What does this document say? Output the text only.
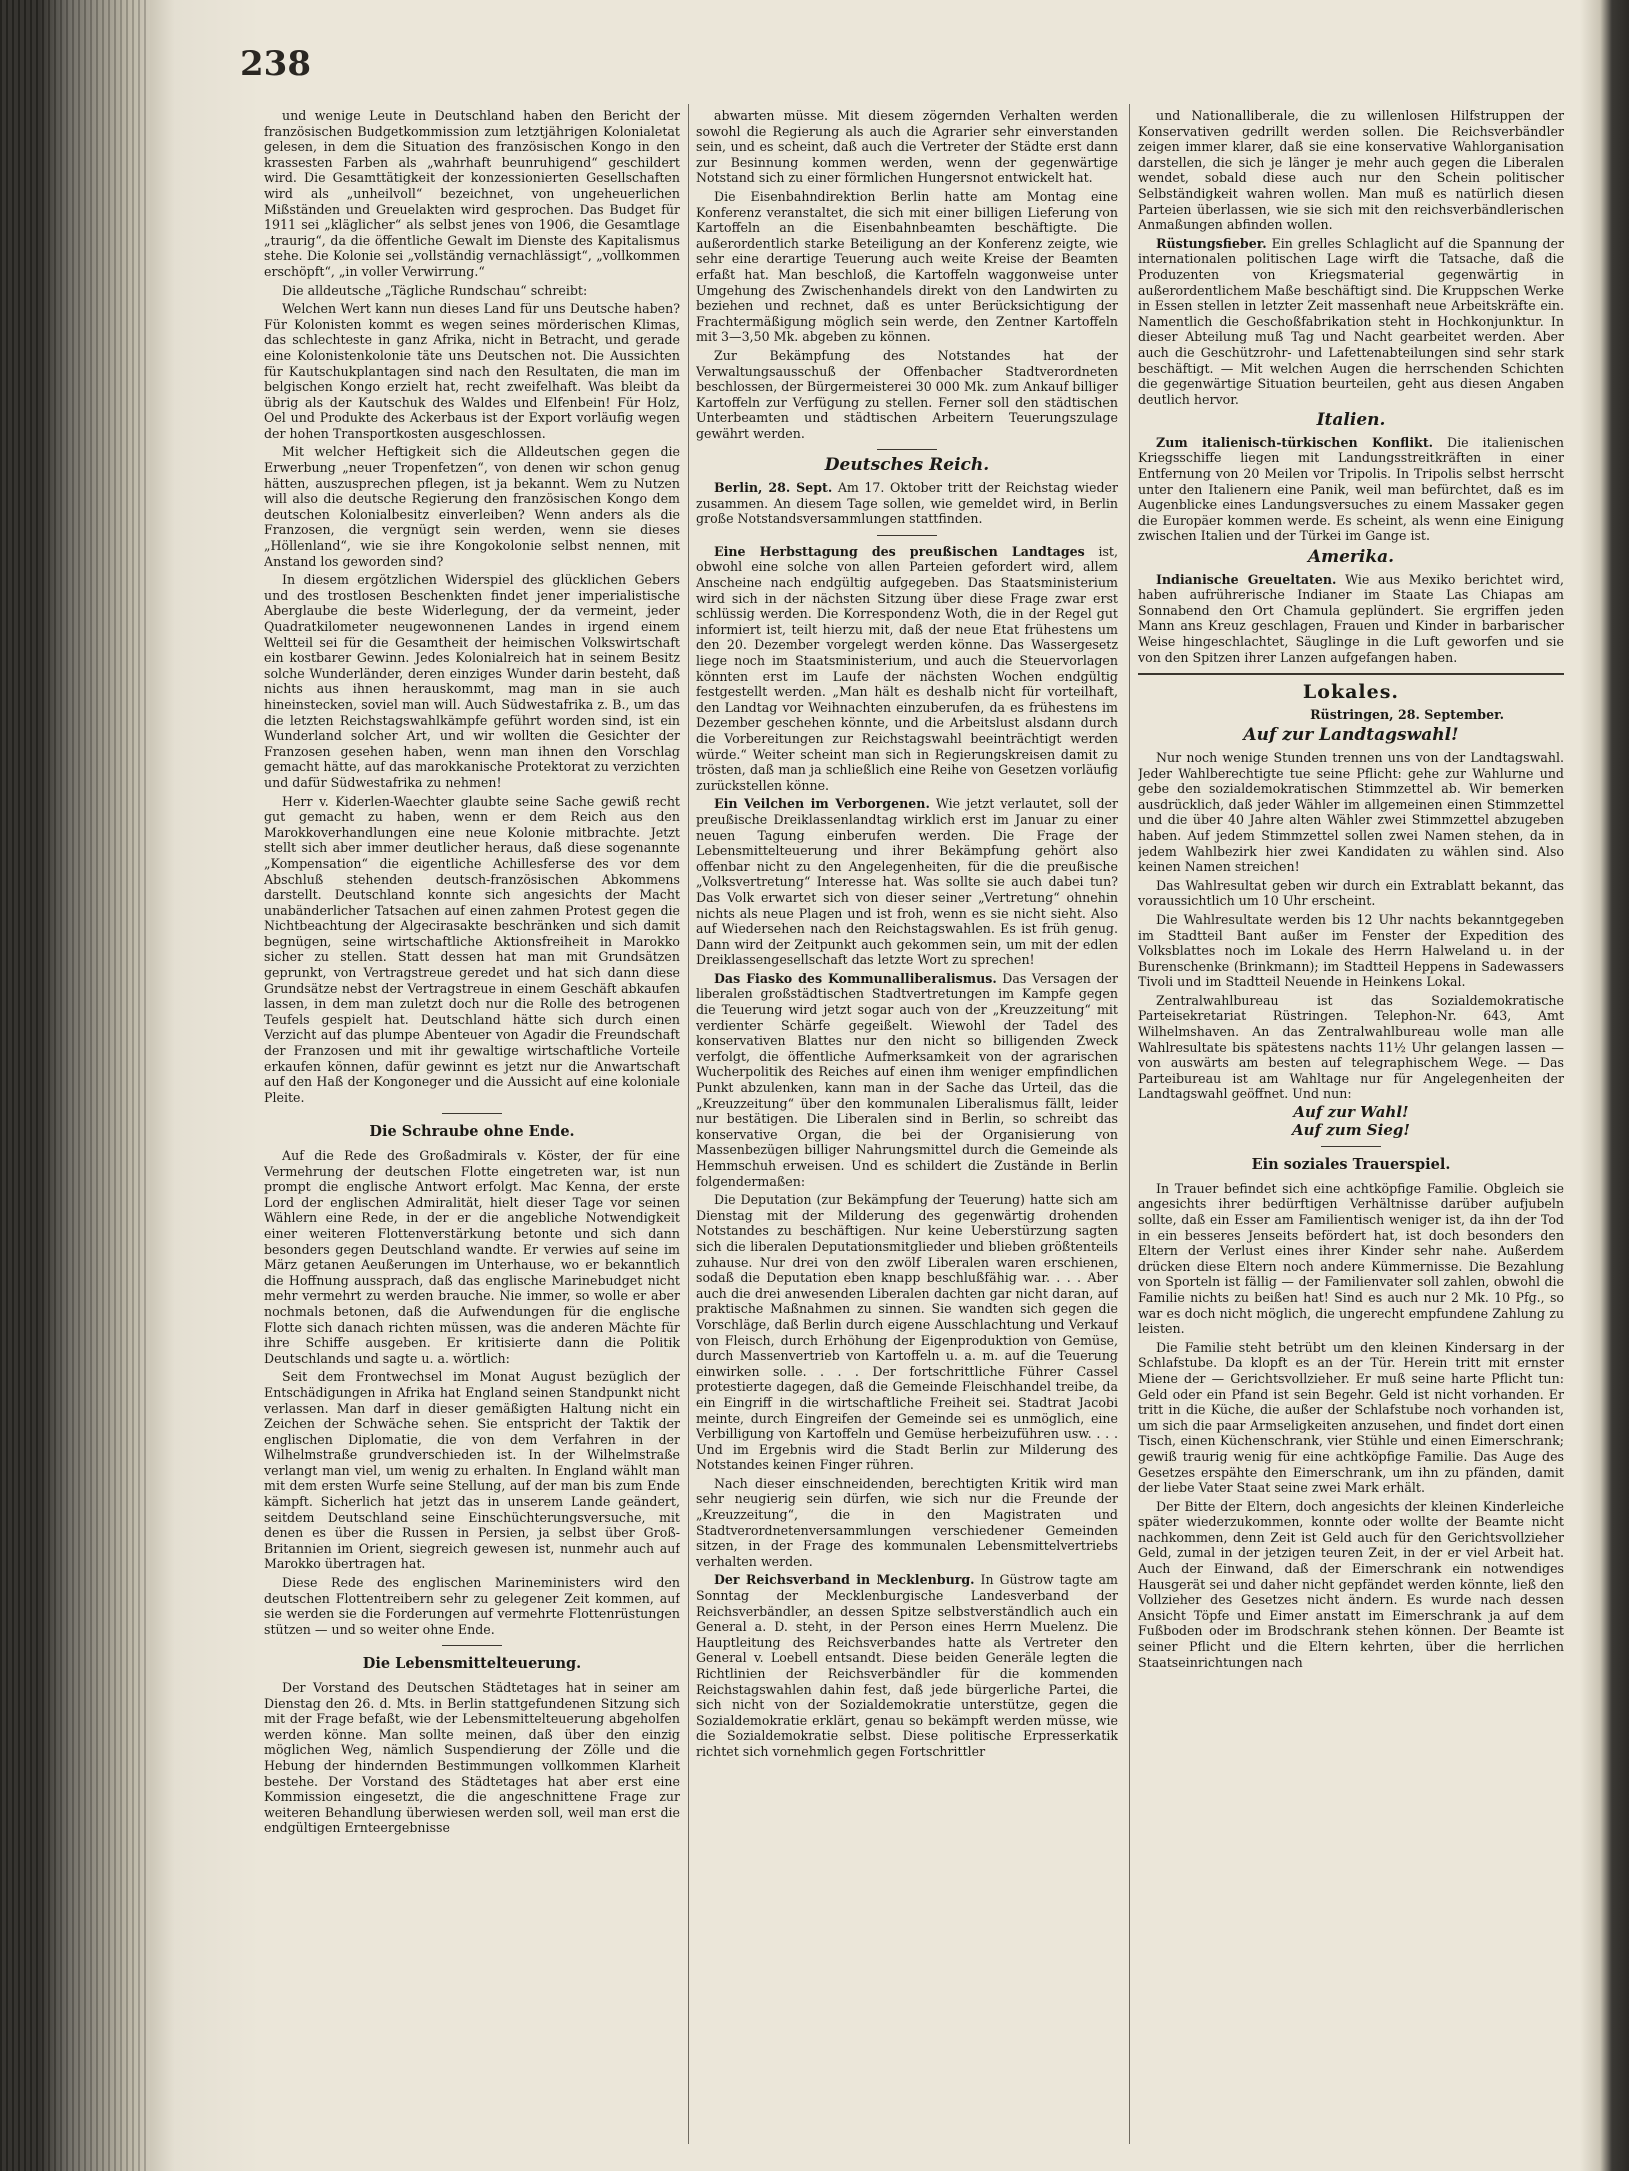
238

und wenige Leute in Deutschland haben den Bericht der französischen Budgetkommission zum letztjährigen Kolonialetat gelesen, in dem die Situation des französischen Kongo in den krassesten Farben als „wahrhaft beunruhigend“ geschildert wird. Die Gesamttätigkeit der konzessionierten Gesellschaften wird als „unheilvoll“ bezeichnet, von ungeheuerlichen Mißständen und Greuelakten wird gesprochen. Das Budget für 1911 sei „kläglicher“ als selbst jenes von 1906, die Gesamtlage „traurig“, da die öffentliche Gewalt im Dienste des Kapitalismus stehe. Die Kolonie sei „vollständig vernachlässigt“, „vollkommen erschöpft“, „in voller Verwirrung.“

Die alldeutsche „Tägliche Rundschau“ schreibt:

Welchen Wert kann nun dieses Land für uns Deutsche haben? Für Kolonisten kommt es wegen seines mörderischen Klimas, das schlechteste in ganz Afrika, nicht in Betracht, und gerade eine Kolonistenkolonie täte uns Deutschen not. Die Aussichten für Kautschukplantagen sind nach den Resultaten, die man im belgischen Kongo erzielt hat, recht zweifelhaft. Was bleibt da übrig als der Kautschuk des Waldes und Elfenbein! Für Holz, Oel und Produkte des Ackerbaus ist der Export vorläufig wegen der hohen Transportkosten ausgeschlossen.

Mit welcher Heftigkeit sich die Alldeutschen gegen die Erwerbung „neuer Tropenfetzen“, von denen wir schon genug hätten, auszusprechen pflegen, ist ja bekannt. Wem zu Nutzen will also die deutsche Regierung den französischen Kongo dem deutschen Kolonialbesitz einverleiben? Wenn anders als die Franzosen, die vergnügt sein werden, wenn sie dieses „Höllenland“, wie sie ihre Kongokolonie selbst nennen, mit Anstand los geworden sind?

In diesem ergötzlichen Widerspiel des glücklichen Gebers und des trostlosen Beschenkten findet jener imperialistische Aberglaube die beste Widerlegung, der da vermeint, jeder Quadratkilometer neugewonnenen Landes in irgend einem Weltteil sei für die Gesamtheit der heimischen Volkswirtschaft ein kostbarer Gewinn. Jedes Kolonialreich hat in seinem Besitz solche Wunderländer, deren einziges Wunder darin besteht, daß nichts aus ihnen herauskommt, mag man in sie auch hineinstecken, soviel man will. Auch Südwestafrika z. B., um das die letzten Reichstagswahlkämpfe geführt worden sind, ist ein Wunderland solcher Art, und wir wollten die Gesichter der Franzosen gesehen haben, wenn man ihnen den Vorschlag gemacht hätte, auf das marokkanische Protektorat zu verzichten und dafür Südwestafrika zu nehmen!

Herr v. Kiderlen-Waechter glaubte seine Sache gewiß recht gut gemacht zu haben, wenn er dem Reich aus den Marokkoverhandlungen eine neue Kolonie mitbrachte. Jetzt stellt sich aber immer deutlicher heraus, daß diese sogenannte „Kompensation“ die eigentliche Achillesferse des vor dem Abschluß stehenden deutsch-französischen Abkommens darstellt. Deutschland konnte sich angesichts der Macht unabänderlicher Tatsachen auf einen zahmen Protest gegen die Nichtbeachtung der Algecirasakte beschränken und sich damit begnügen, seine wirtschaftliche Aktionsfreiheit in Marokko sicher zu stellen. Statt dessen hat man mit Grundsätzen geprunkt, von Vertragstreue geredet und hat sich dann diese Grundsätze nebst der Vertragstreue in einem Geschäft abkaufen lassen, in dem man zuletzt doch nur die Rolle des betrogenen Teufels gespielt hat. Deutschland hätte sich durch einen Verzicht auf das plumpe Abenteuer von Agadir die Freundschaft der Franzosen und mit ihr gewaltige wirtschaftliche Vorteile erkaufen können, dafür gewinnt es jetzt nur die Anwartschaft auf den Haß der Kongoneger und die Aussicht auf eine koloniale Pleite.

Die Schraube ohne Ende.

Auf die Rede des Großadmirals v. Köster, der für eine Vermehrung der deutschen Flotte eingetreten war, ist nun prompt die englische Antwort erfolgt. Mac Kenna, der erste Lord der englischen Admiralität, hielt dieser Tage vor seinen Wählern eine Rede, in der er die angebliche Notwendigkeit einer weiteren Flottenverstärkung betonte und sich dann besonders gegen Deutschland wandte. Er verwies auf seine im März getanen Aeußerungen im Unterhause, wo er bekanntlich die Hoffnung aussprach, daß das englische Marinebudget nicht mehr vermehrt zu werden brauche. Nie immer, so wolle er aber nochmals betonen, daß die Aufwendungen für die englische Flotte sich danach richten müssen, was die anderen Mächte für ihre Schiffe ausgeben. Er kritisierte dann die Politik Deutschlands und sagte u. a. wörtlich:

Seit dem Frontwechsel im Monat August bezüglich der Entschädigungen in Afrika hat England seinen Standpunkt nicht verlassen. Man darf in dieser gemäßigten Haltung nicht ein Zeichen der Schwäche sehen. Sie entspricht der Taktik der englischen Diplomatie, die von dem Verfahren in der Wilhelmstraße grundverschieden ist. In der Wilhelmstraße verlangt man viel, um wenig zu erhalten. In England wählt man mit dem ersten Wurfe seine Stellung, auf der man bis zum Ende kämpft. Sicherlich hat jetzt das in unserem Lande geändert, seitdem Deutschland seine Einschüchterungsversuche, mit denen es über die Russen in Persien, ja selbst über Groß-Britannien im Orient, siegreich gewesen ist, nunmehr auch auf Marokko übertragen hat.

Diese Rede des englischen Marineministers wird den deutschen Flottentreibern sehr zu gelegener Zeit kommen, auf sie werden sie die Forderungen auf vermehrte Flottenrüstungen stützen — und so weiter ohne Ende.

Die Lebensmittelteuerung.

Der Vorstand des Deutschen Städtetages hat in seiner am Dienstag den 26. d. Mts. in Berlin stattgefundenen Sitzung sich mit der Frage befaßt, wie der Lebensmittelteuerung abgeholfen werden könne. Man sollte meinen, daß über den einzig möglichen Weg, nämlich Suspendierung der Zölle und die Hebung der hindernden Bestimmungen vollkommen Klarheit bestehe. Der Vorstand des Städtetages hat aber erst eine Kommission eingesetzt, die die angeschnittene Frage zur weiteren Behandlung überwiesen werden soll, weil man erst die endgültigen Ernteergebnisse

abwarten müsse. Mit diesem zögernden Verhalten werden sowohl die Regierung als auch die Agrarier sehr einverstanden sein, und es scheint, daß auch die Vertreter der Städte erst dann zur Besinnung kommen werden, wenn der gegenwärtige Notstand sich zu einer förmlichen Hungersnot entwickelt hat.

Die Eisenbahndirektion Berlin hatte am Montag eine Konferenz veranstaltet, die sich mit einer billigen Lieferung von Kartoffeln an die Eisenbahnbeamten beschäftigte. Die außerordentlich starke Beteiligung an der Konferenz zeigte, wie sehr eine derartige Teuerung auch weite Kreise der Beamten erfaßt hat. Man beschloß, die Kartoffeln waggonweise unter Umgehung des Zwischenhandels direkt von den Landwirten zu beziehen und rechnet, daß es unter Berücksichtigung der Frachtermäßigung möglich sein werde, den Zentner Kartoffeln mit 3—3,50 Mk. abgeben zu können.

Zur Bekämpfung des Notstandes hat der Verwaltungsausschuß der Offenbacher Stadtverordneten beschlossen, der Bürgermeisterei 30 000 Mk. zum Ankauf billiger Kartoffeln zur Verfügung zu stellen. Ferner soll den städtischen Unterbeamten und städtischen Arbeitern Teuerungszulage gewährt werden.

Deutsches Reich.

Berlin, 28. Sept. Am 17. Oktober tritt der Reichstag wieder zusammen. An diesem Tage sollen, wie gemeldet wird, in Berlin große Notstandsversammlungen stattfinden.

Eine Herbsttagung des preußischen Landtages ist, obwohl eine solche von allen Parteien gefordert wird, allem Anscheine nach endgültig aufgegeben. Das Staatsministerium wird sich in der nächsten Sitzung über diese Frage zwar erst schlüssig werden. Die Korrespondenz Woth, die in der Regel gut informiert ist, teilt hierzu mit, daß der neue Etat frühestens um den 20. Dezember vorgelegt werden könne. Das Wassergesetz liege noch im Staatsministerium, und auch die Steuervorlagen könnten erst im Laufe der nächsten Wochen endgültig festgestellt werden. „Man hält es deshalb nicht für vorteilhaft, den Landtag vor Weihnachten einzuberufen, da es frühestens im Dezember geschehen könnte, und die Arbeitslust alsdann durch die Vorbereitungen zur Reichstagswahl beeinträchtigt werden würde.“ Weiter scheint man sich in Regierungskreisen damit zu trösten, daß man ja schließlich eine Reihe von Gesetzen vorläufig zurückstellen könne.

Ein Veilchen im Verborgenen. Wie jetzt verlautet, soll der preußische Dreiklassenlandtag wirklich erst im Januar zu einer neuen Tagung einberufen werden. Die Frage der Lebensmittelteuerung und ihrer Bekämpfung gehört also offenbar nicht zu den Angelegenheiten, für die die preußische „Volksvertretung“ Interesse hat. Was sollte sie auch dabei tun? Das Volk erwartet sich von dieser seiner „Vertretung“ ohnehin nichts als neue Plagen und ist froh, wenn es sie nicht sieht. Also auf Wiedersehen nach den Reichstagswahlen. Es ist früh genug. Dann wird der Zeitpunkt auch gekommen sein, um mit der edlen Dreiklassengesellschaft das letzte Wort zu sprechen!

Das Fiasko des Kommunalliberalismus. Das Versagen der liberalen großstädtischen Stadtvertretungen im Kampfe gegen die Teuerung wird jetzt sogar auch von der „Kreuzzeitung“ mit verdienter Schärfe gegeißelt. Wiewohl der Tadel des konservativen Blattes nur den nicht so billigenden Zweck verfolgt, die öffentliche Aufmerksamkeit von der agrarischen Wucherpolitik des Reiches auf einen ihm weniger empfindlichen Punkt abzulenken, kann man in der Sache das Urteil, das die „Kreuzzeitung“ über den kommunalen Liberalismus fällt, leider nur bestätigen. Die Liberalen sind in Berlin, so schreibt das konservative Organ, die bei der Organisierung von Massenbezügen billiger Nahrungsmittel durch die Gemeinde als Hemmschuh erweisen. Und es schildert die Zustände in Berlin folgendermaßen:

Die Deputation (zur Bekämpfung der Teuerung) hatte sich am Dienstag mit der Milderung des gegenwärtig drohenden Notstandes zu beschäftigen. Nur keine Ueberstürzung sagten sich die liberalen Deputationsmitglieder und blieben größtenteils zuhause. Nur drei von den zwölf Liberalen waren erschienen, sodaß die Deputation eben knapp beschlußfähig war. . . . Aber auch die drei anwesenden Liberalen dachten gar nicht daran, auf praktische Maßnahmen zu sinnen. Sie wandten sich gegen die Vorschläge, daß Berlin durch eigene Ausschlachtung und Verkauf von Fleisch, durch Erhöhung der Eigenproduktion von Gemüse, durch Massenvertrieb von Kartoffeln u. a. m. auf die Teuerung einwirken solle. . . . Der fortschrittliche Führer Cassel protestierte dagegen, daß die Gemeinde Fleischhandel treibe, da ein Eingriff in die wirtschaftliche Freiheit sei. Stadtrat Jacobi meinte, durch Eingreifen der Gemeinde sei es unmöglich, eine Verbilligung von Kartoffeln und Gemüse herbeizuführen usw. . . . Und im Ergebnis wird die Stadt Berlin zur Milderung des Notstandes keinen Finger rühren.

Nach dieser einschneidenden, berechtigten Kritik wird man sehr neugierig sein dürfen, wie sich nur die Freunde der „Kreuzzeitung“, die in den Magistraten und Stadtverordnetenversammlungen verschiedener Gemeinden sitzen, in der Frage des kommunalen Lebensmittelvertriebs verhalten werden.

Der Reichsverband in Mecklenburg. In Güstrow tagte am Sonntag der Mecklenburgische Landesverband der Reichsverbändler, an dessen Spitze selbstverständlich auch ein General a. D. steht, in der Person eines Herrn Muelenz. Die Hauptleitung des Reichsverbandes hatte als Vertreter den General v. Loebell entsandt. Diese beiden Generäle legten die Richtlinien der Reichsverbändler für die kommenden Reichstagswahlen dahin fest, daß jede bürgerliche Partei, die sich nicht von der Sozialdemokratie unterstütze, gegen die Sozialdemokratie erklärt, genau so bekämpft werden müsse, wie die Sozialdemokratie selbst. Diese politische Erpresserkatik richtet sich vornehmlich gegen Fortschrittler

und Nationalliberale, die zu willenlosen Hilfstruppen der Konservativen gedrillt werden sollen. Die Reichsverbändler zeigen immer klarer, daß sie eine konservative Wahlorganisation darstellen, die sich je länger je mehr auch gegen die Liberalen wendet, sobald diese auch nur den Schein politischer Selbständigkeit wahren wollen. Man muß es natürlich diesen Parteien überlassen, wie sie sich mit den reichsverbändlerischen Anmaßungen abfinden wollen.

Rüstungsfieber. Ein grelles Schlaglicht auf die Spannung der internationalen politischen Lage wirft die Tatsache, daß die Produzenten von Kriegsmaterial gegenwärtig in außerordentlichem Maße beschäftigt sind. Die Kruppschen Werke in Essen stellen in letzter Zeit massenhaft neue Arbeitskräfte ein. Namentlich die Geschoßfabrikation steht in Hochkonjunktur. In dieser Abteilung muß Tag und Nacht gearbeitet werden. Aber auch die Geschützrohr- und Lafettenabteilungen sind sehr stark beschäftigt. — Mit welchen Augen die herrschenden Schichten die gegenwärtige Situation beurteilen, geht aus diesen Angaben deutlich hervor.

Italien.

Zum italienisch-türkischen Konflikt. Die italienischen Kriegsschiffe liegen mit Landungsstreitkräften in einer Entfernung von 20 Meilen vor Tripolis. In Tripolis selbst herrscht unter den Italienern eine Panik, weil man befürchtet, daß es im Augenblicke eines Landungsversuches zu einem Massaker gegen die Europäer kommen werde. Es scheint, als wenn eine Einigung zwischen Italien und der Türkei im Gange ist.

Amerika.

Indianische Greueltaten. Wie aus Mexiko berichtet wird, haben aufrührerische Indianer im Staate Las Chiapas am Sonnabend den Ort Chamula geplündert. Sie ergriffen jeden Mann ans Kreuz geschlagen, Frauen und Kinder in barbarischer Weise hingeschlachtet, Säuglinge in die Luft geworfen und sie von den Spitzen ihrer Lanzen aufgefangen haben.

Lokales.

Rüstringen, 28. September.

Auf zur Landtagswahl!

Nur noch wenige Stunden trennen uns von der Landtagswahl. Jeder Wahlberechtigte tue seine Pflicht: gehe zur Wahlurne und gebe den sozialdemokratischen Stimmzettel ab. Wir bemerken ausdrücklich, daß jeder Wähler im allgemeinen einen Stimmzettel und die über 40 Jahre alten Wähler zwei Stimmzettel abzugeben haben. Auf jedem Stimmzettel sollen zwei Namen stehen, da in jedem Wahlbezirk hier zwei Kandidaten zu wählen sind. Also keinen Namen streichen!

Das Wahlresultat geben wir durch ein Extrablatt bekannt, das voraussichtlich um 10 Uhr erscheint.

Die Wahlresultate werden bis 12 Uhr nachts bekanntgegeben im Stadtteil Bant außer im Fenster der Expedition des Volksblattes noch im Lokale des Herrn Halweland u. in der Burenschenke (Brinkmann); im Stadtteil Heppens in Sadewassers Tivoli und im Stadtteil Neuende in Heinkens Lokal.

Zentralwahlbureau ist das Sozialdemokratische Parteisekretariat Rüstringen. Telephon-Nr. 643, Amt Wilhelmshaven. An das Zentralwahlbureau wolle man alle Wahlresultate bis spätestens nachts 11½ Uhr gelangen lassen — von auswärts am besten auf telegraphischem Wege. — Das Parteibureau ist am Wahltage nur für Angelegenheiten der Landtagswahl geöffnet. Und nun:

Auf zur Wahl!
Auf zum Sieg!
Ein soziales Trauerspiel.

In Trauer befindet sich eine achtköpfige Familie. Obgleich sie angesichts ihrer bedürftigen Verhältnisse darüber aufjubeln sollte, daß ein Esser am Familientisch weniger ist, da ihn der Tod in ein besseres Jenseits befördert hat, ist doch besonders den Eltern der Verlust eines ihrer Kinder sehr nahe. Außerdem drücken diese Eltern noch andere Kümmernisse. Die Bezahlung von Sporteln ist fällig — der Familienvater soll zahlen, obwohl die Familie nichts zu beißen hat! Sind es auch nur 2 Mk. 10 Pfg., so war es doch nicht möglich, die ungerecht empfundene Zahlung zu leisten.

Die Familie steht betrübt um den kleinen Kindersarg in der Schlafstube. Da klopft es an der Tür. Herein tritt mit ernster Miene der — Gerichtsvollzieher. Er muß seine harte Pflicht tun: Geld oder ein Pfand ist sein Begehr. Geld ist nicht vorhanden. Er tritt in die Küche, die außer der Schlafstube noch vorhanden ist, um sich die paar Armseligkeiten anzusehen, und findet dort einen Tisch, einen Küchenschrank, vier Stühle und einen Eimerschrank; gewiß traurig wenig für eine achtköpfige Familie. Das Auge des Gesetzes erspähte den Eimerschrank, um ihn zu pfänden, damit der liebe Vater Staat seine zwei Mark erhält.

Der Bitte der Eltern, doch angesichts der kleinen Kinderleiche später wiederzukommen, konnte oder wollte der Beamte nicht nachkommen, denn Zeit ist Geld auch für den Gerichtsvollzieher Geld, zumal in der jetzigen teuren Zeit, in der er viel Arbeit hat. Auch der Einwand, daß der Eimerschrank ein notwendiges Hausgerät sei und daher nicht gepfändet werden könnte, ließ den Vollzieher des Gesetzes nicht ändern. Es wurde nach dessen Ansicht Töpfe und Eimer anstatt im Eimerschrank ja auf dem Fußboden oder im Brodschrank stehen können. Der Beamte ist seiner Pflicht und die Eltern kehrten, über die herrlichen Staatseinrichtungen nach
